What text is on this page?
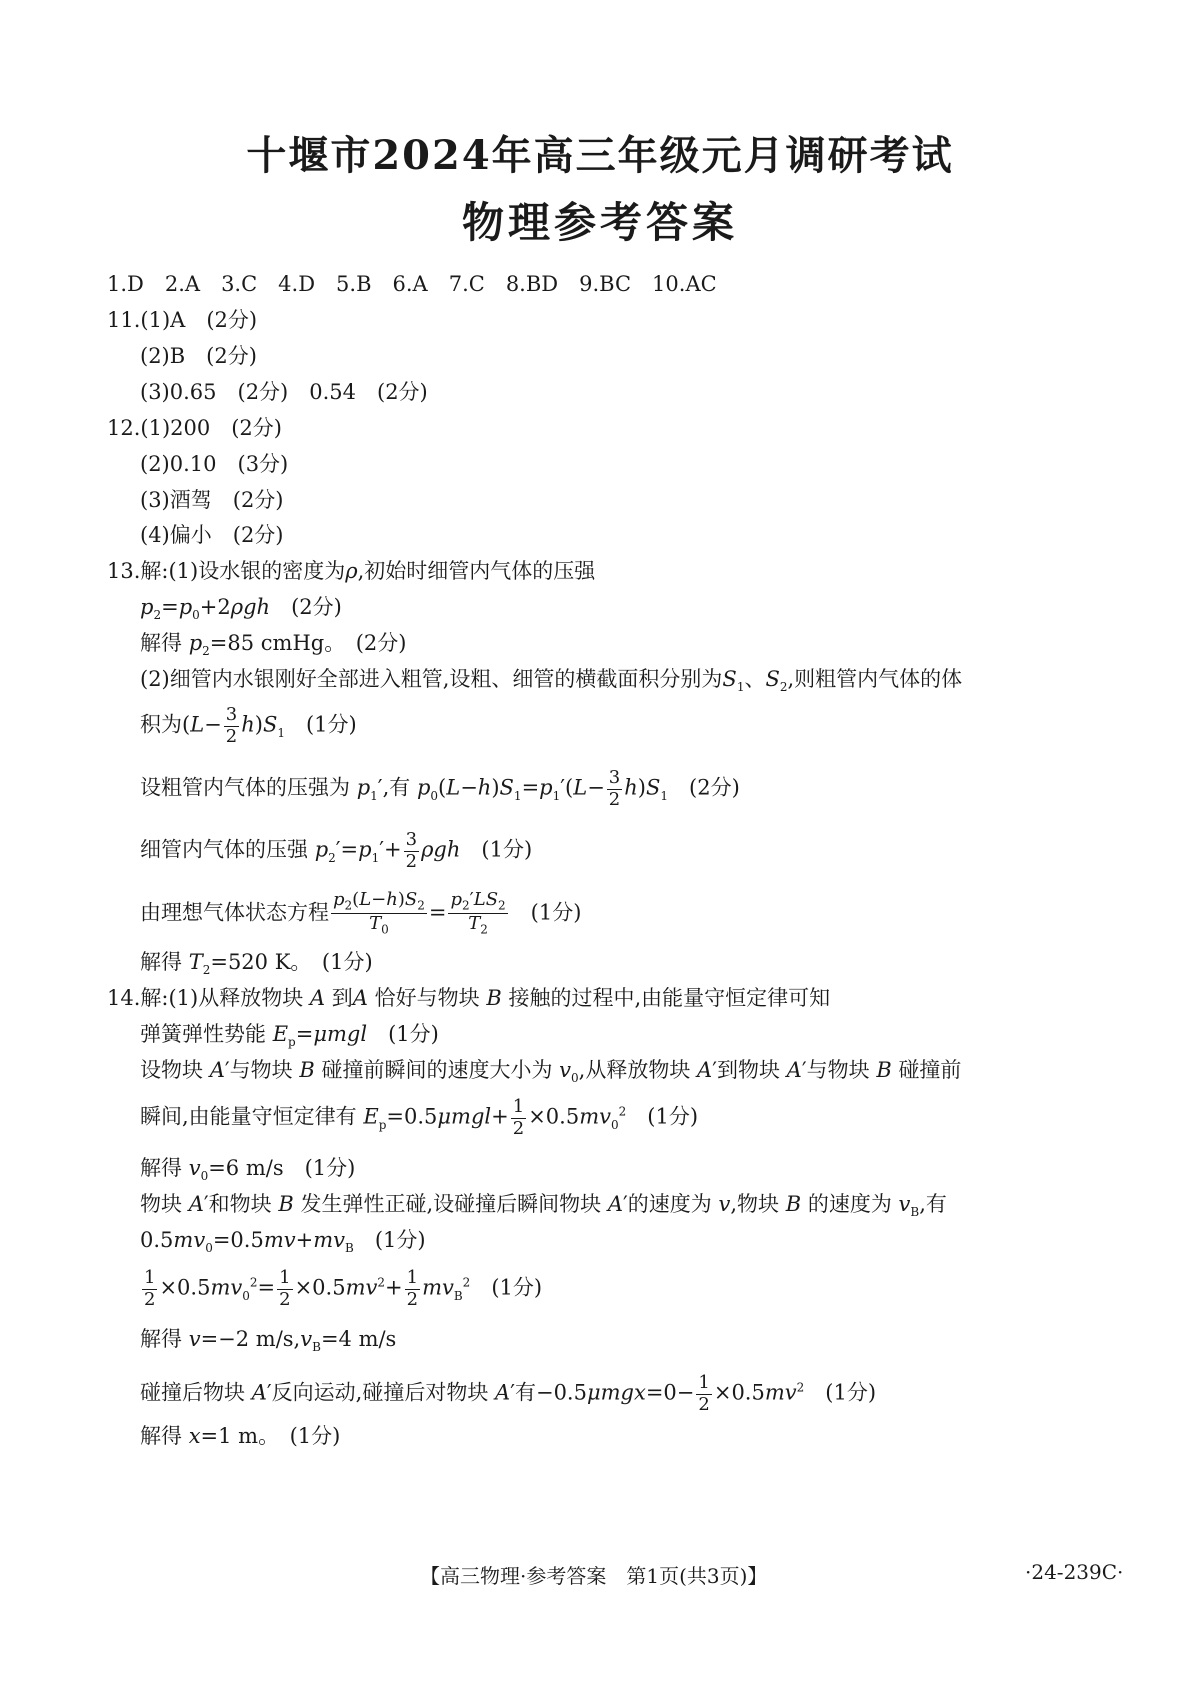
十堰市2024年高三年级元月调研考试
物理参考答案
1.D　2.A　3.C　4.D　5.B　6.A　7.C　8.BD　9.BC　10.AC
11.(1)A　(2分)
(2)B　(2分)
(3)0.65　(2分)　0.54　(2分)
12.(1)200　(2分)
(2)0.10　(3分)
(3)酒驾　(2分)
(4)偏小　(2分)
13.解:(1)设水银的密度为ρ,初始时细管内气体的压强
$p_2=p_0+2\rho gh$　 (2分)
解得 $p_2=85$ cmHg。　 (2分)
(2)细管内水银刚好全部进入粗管,设粗、细管的横截面积分别为$S_1$、$S_2$,则粗管内气体的体
积为$(L- \frac{3}{2} h)S_1$　 (1分)
设粗管内气体的压强为 $p_1'$,有 $p_0(L-h)S_1=p_1'(L- \frac{3}{2} h)S_1$　 (2分)
细管内气体的压强 $p_2'=p_1'+ \frac{3}{2}$ ρgh　 (1分)
由理想气体状态方程 $\frac{p_2(L-h)S_2}{T_0} = \frac{p_2'LS_2}{T_2}$
　 (1分)
解得 $T_2=520$ K。　 (1分)
14.解:(1)从释放物块 A 到A 恰好与物块 B 接触的过程中,由能量守恒定律可知
弹簧弹性势能 $E_p=\mu mgl$　 (1分)
设物块 A′与物块 B 碰撞前瞬间的速度大小为 $v_0$,从释放物块 A′到物块 A′与物块 B 碰撞前
瞬间,由能量守恒定律有 $E_p=0.5\mu mgl+ \frac{1}{2} \times 0.5mv_0^2$　 (1分)
解得 $v_0=6$ m/s　 (1分)
物块 A′和物块 B 发生弹性正碰,设碰撞后瞬间物块 A′的速度为 v,物块 B 的速度为 $v_B$,有
$0.5mv_0=0.5mv+mv_B$　 (1分)
$\frac{1}{2} \times 0.5mv_0^2= \frac{1}{2} \times 0.5mv^2+ \frac{1}{2} mv_B^2$　 (1分)
解得 v=−2 $m/s,v_B=4$ m/s
碰撞后物块 A′反向运动,碰撞后对物块 A′有$-0.5\mu mgx=0- \frac{1}{2} \times 0.5mv^2$　 (1分)
解得 x=1 m。　 (1分)
【高三物理·参考答案　第1页(共3页)】	·24-239C·
